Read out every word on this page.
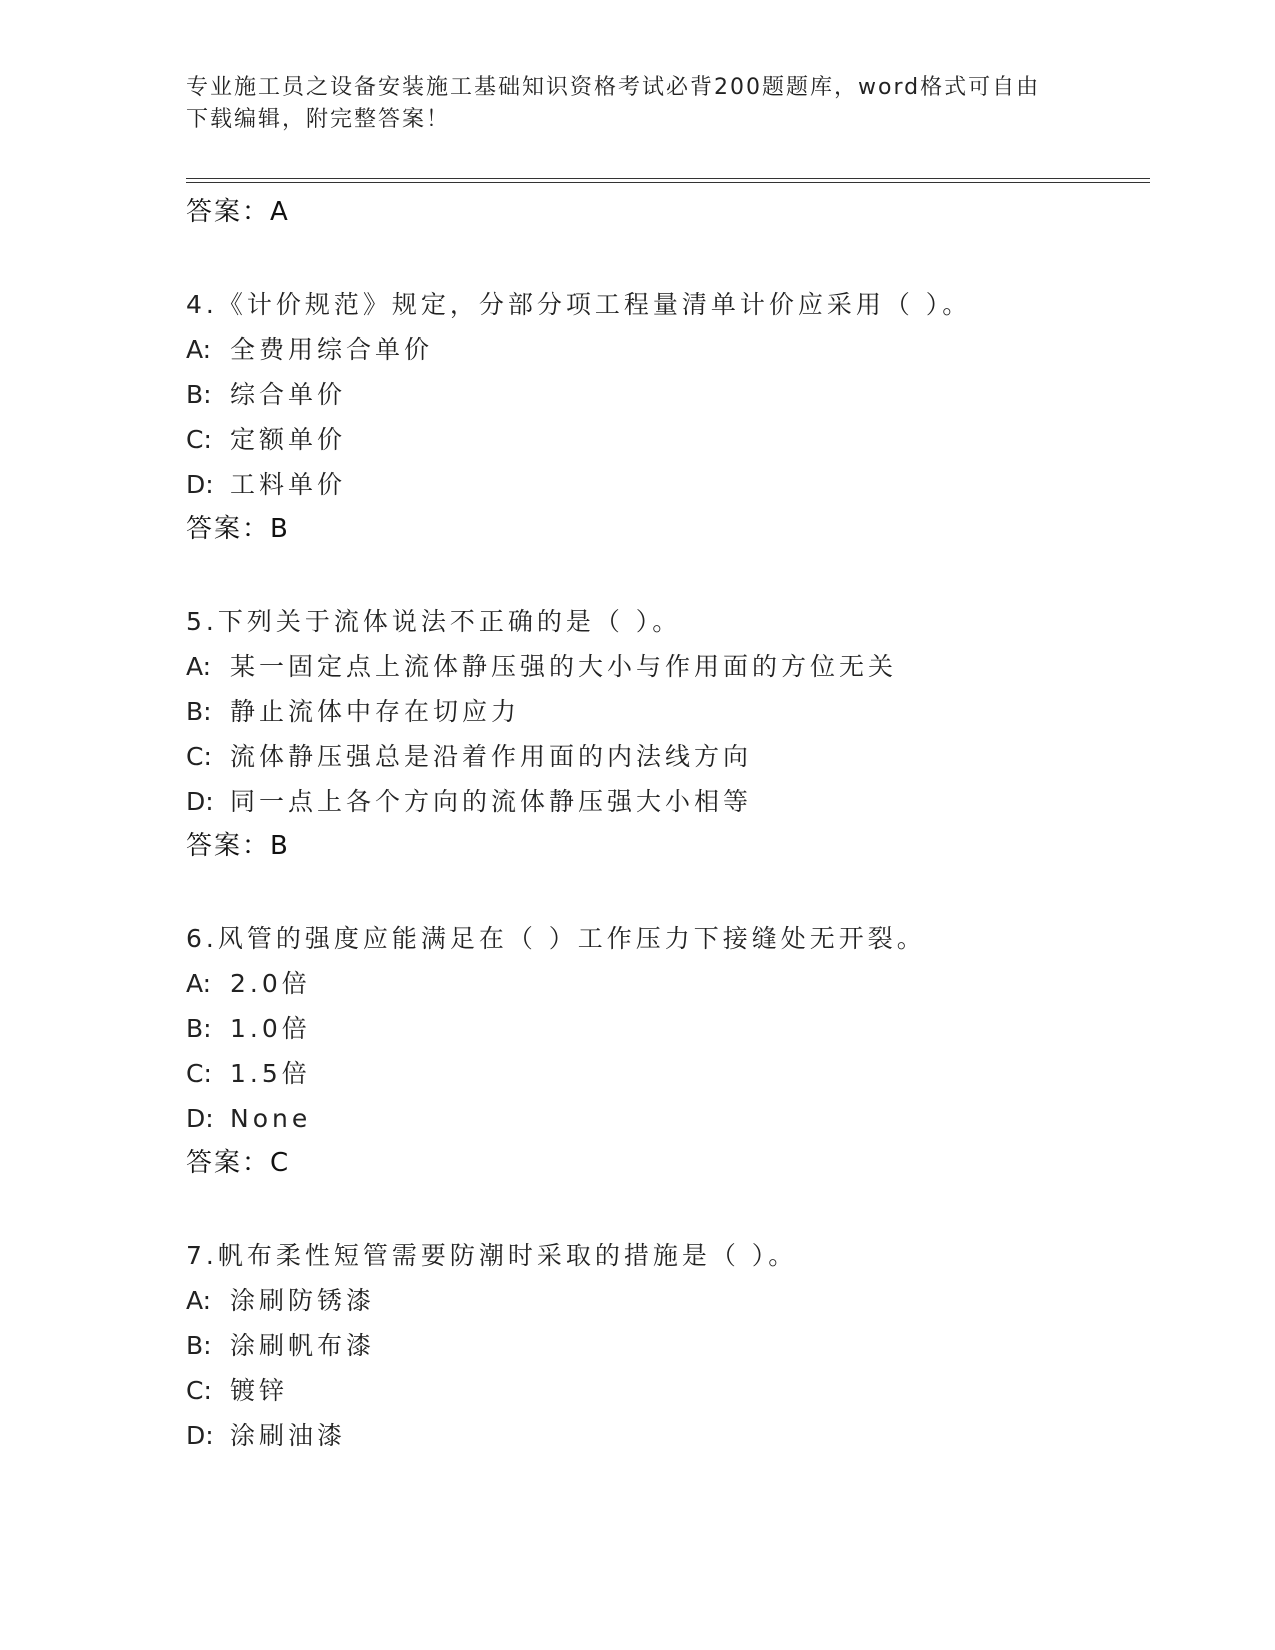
专业施工员之设备安装施工基础知识资格考试必背200题题库，word格式可自由
下载编辑，附完整答案！
答案：A
4.《计价规范》规定，分部分项工程量清单计价应采用（ ）。
A: 全费用综合单价
B: 综合单价
C: 定额单价
D: 工料单价
答案：B
5.下列关于流体说法不正确的是（ ）。
A: 某一固定点上流体静压强的大小与作用面的方位无关
B: 静止流体中存在切应力
C: 流体静压强总是沿着作用面的内法线方向
D: 同一点上各个方向的流体静压强大小相等
答案：B
6.风管的强度应能满足在（ ）工作压力下接缝处无开裂。
A: 2.0倍
B: 1.0倍
C: 1.5倍
D: None
答案：C
7.帆布柔性短管需要防潮时采取的措施是（ ）。
A: 涂刷防锈漆
B: 涂刷帆布漆
C: 镀锌
D: 涂刷油漆
